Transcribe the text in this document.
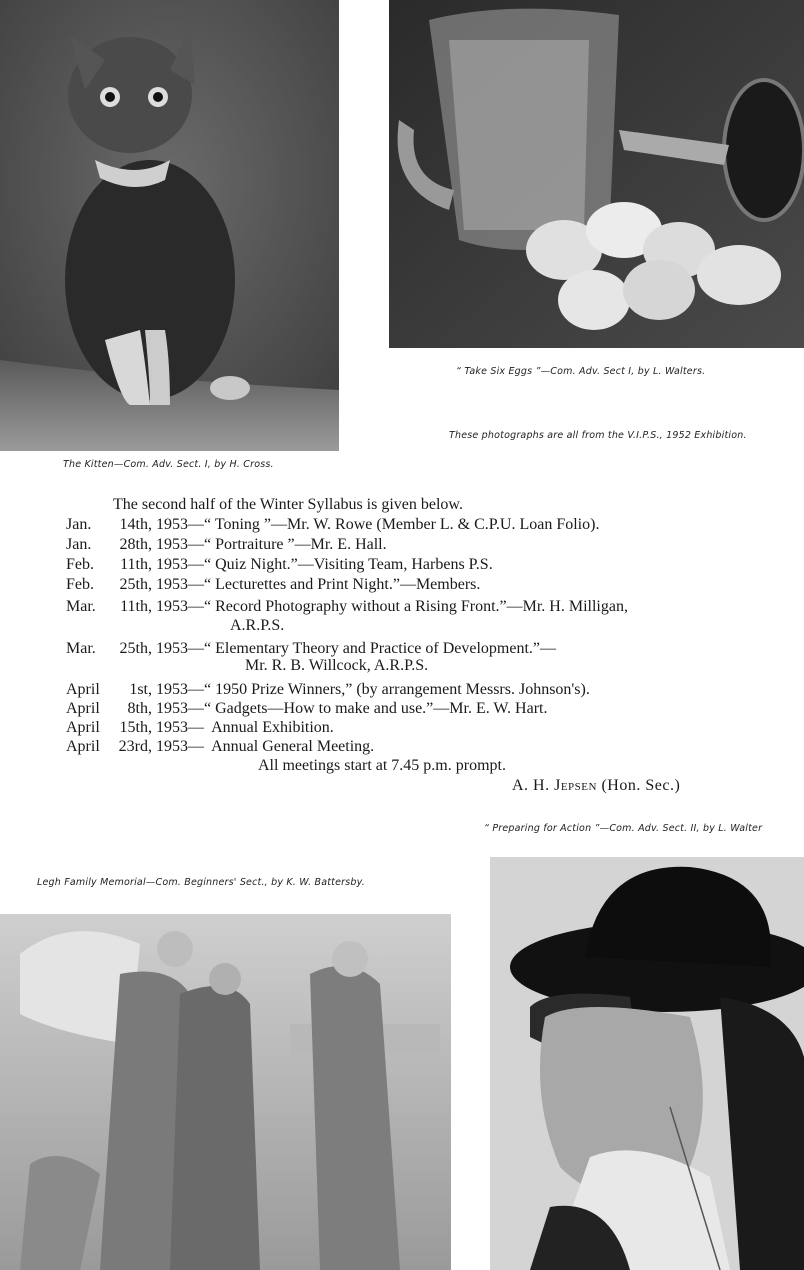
“ Take Six Eggs ”—Com. Adv. Sect I, by L. Walters.
These photographs are all from the V.I.P.S., 1952 Exhibition.
The Kitten—Com. Adv. Sect. I, by H. Cross.
The second half of the Winter Syllabus is given below.
Jan. 14th, 1953—“ Toning ”—Mr. W. Rowe (Member L. & C.P.U. Loan Folio).
Jan. 28th, 1953—“ Portraiture ”—Mr. E. Hall.
Feb. 11th, 1953—“ Quiz Night.”—Visiting Team, Harbens P.S.
Feb. 25th, 1953—“ Lecturettes and Print Night.”—Members.
Mar. 11th, 1953—“ Record Photography without a Rising Front.”—Mr. H. Milligan,
A.R.P.S.
Mar. 25th, 1953—“ Elementary Theory and Practice of Development.”—
Mr. R. B. Willcock, A.R.P.S.
April 1st, 1953—“ 1950 Prize Winners,” (by arrangement Messrs. Johnson's).
April 8th, 1953—“ Gadgets—How to make and use.”—Mr. E. W. Hart.
April 15th, 1953—  Annual Exhibition.
April 23rd, 1953—  Annual General Meeting.
All meetings start at 7.45 p.m. prompt.
A. H. Jepsen (Hon. Sec.)
“ Preparing for Action ”—Com. Adv. Sect. II, by L. Walter
Legh Family Memorial—Com. Beginners' Sect., by K. W. Battersby.
